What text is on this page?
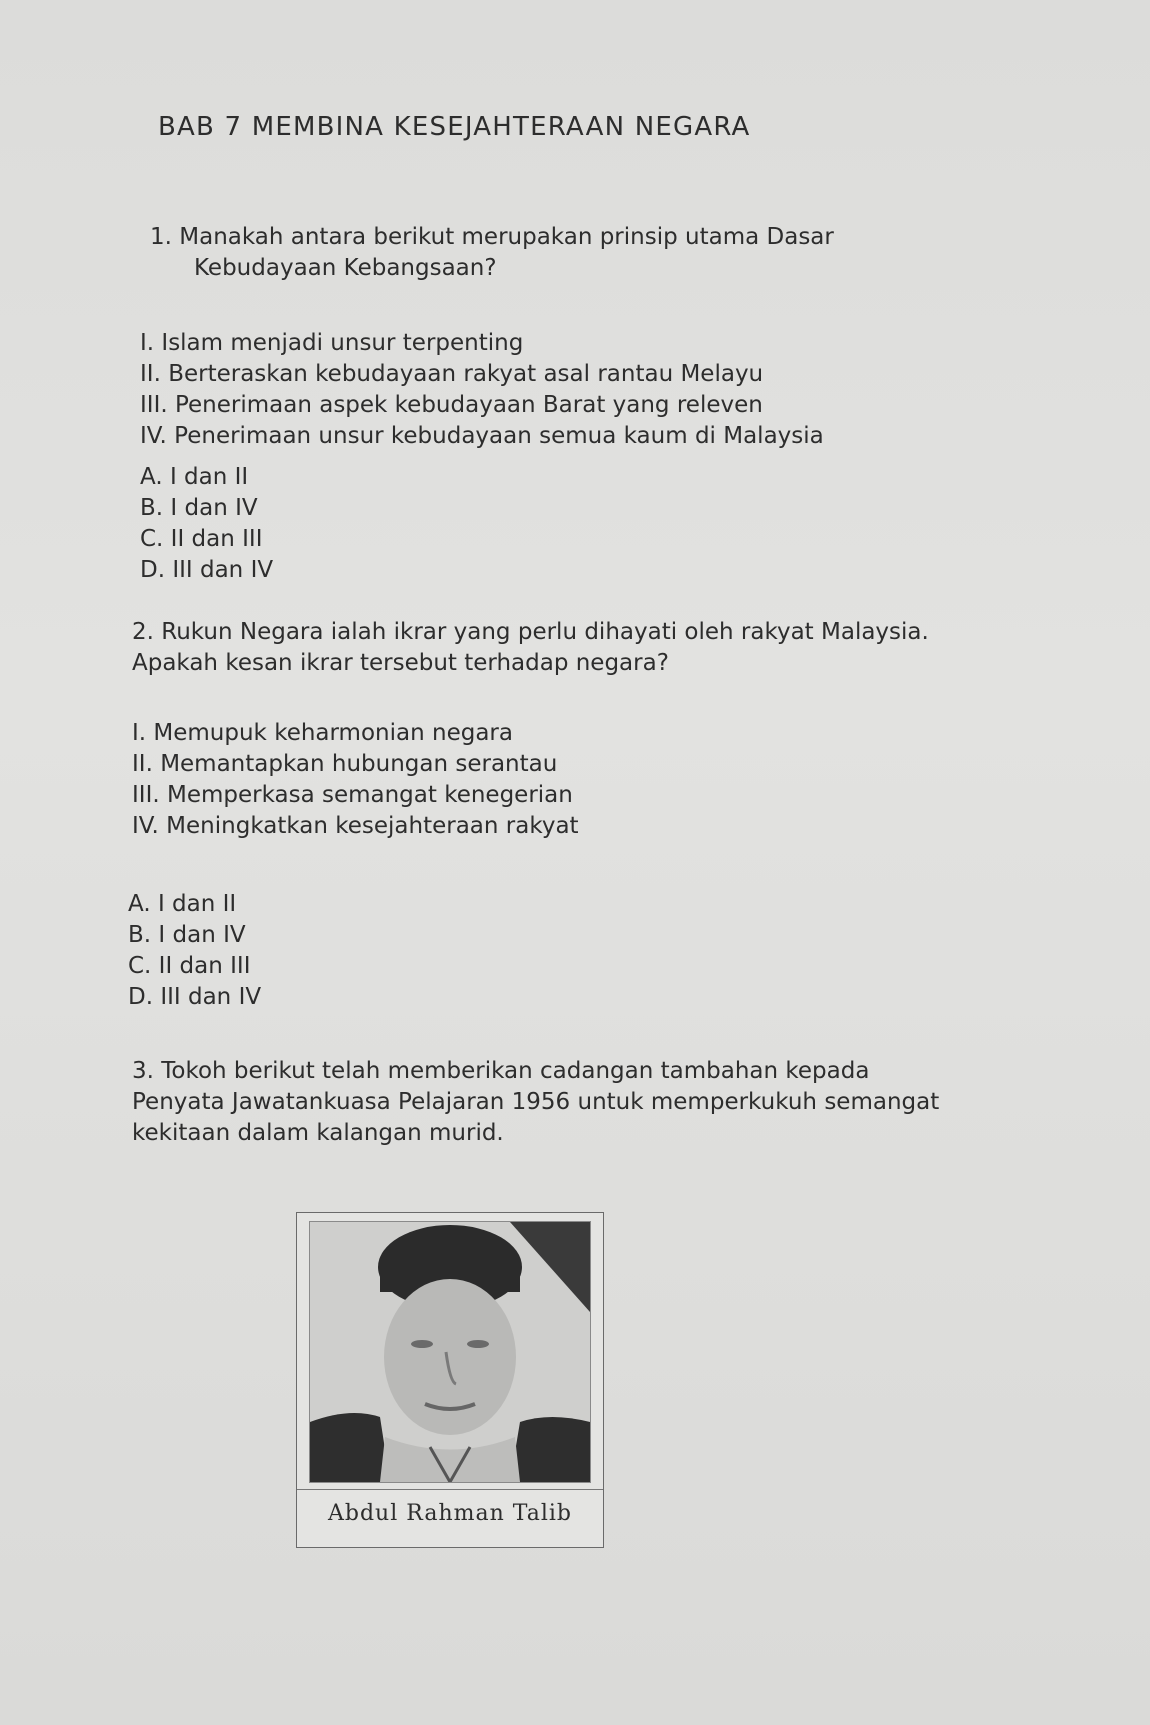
BAB 7 MEMBINA KESEJAHTERAAN NEGARA
1. Manakah antara berikut merupakan prinsip utama Dasar
Kebudayaan Kebangsaan?
I. Islam menjadi unsur terpenting
II. Berteraskan kebudayaan rakyat asal rantau Melayu
III. Penerimaan aspek kebudayaan Barat yang releven
IV. Penerimaan unsur kebudayaan semua kaum di Malaysia
A. I dan II
B. I dan IV
C. II dan III
D. III dan IV
2. Rukun Negara ialah ikrar yang perlu dihayati oleh rakyat Malaysia.
Apakah kesan ikrar tersebut terhadap negara?
I. Memupuk keharmonian negara
II. Memantapkan hubungan serantau
III. Memperkasa semangat kenegerian
IV. Meningkatkan kesejahteraan rakyat
A. I dan II
B. I dan IV
C. II dan III
D. III dan IV
3. Tokoh berikut telah memberikan cadangan tambahan kepada
Penyata Jawatankuasa Pelajaran 1956 untuk memperkukuh semangat
kekitaan dalam kalangan murid.
Abdul Rahman Talib
